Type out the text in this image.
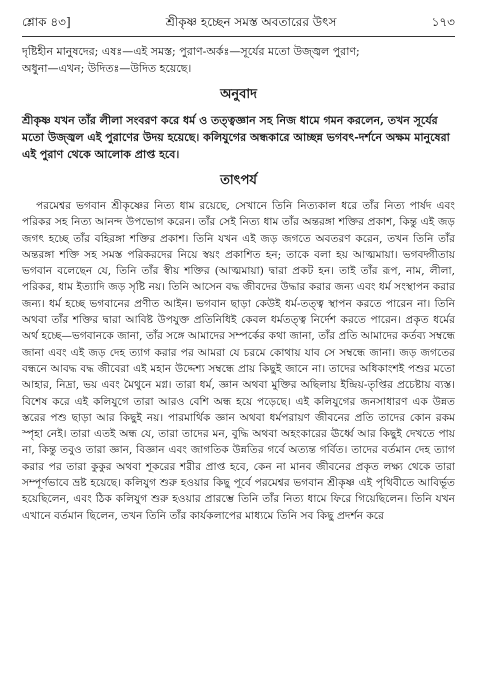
শ্লোক ৪৩]	শ্রীকৃষ্ণ হচ্ছেন সমস্ত অবতারের উৎস	১৭৩

দৃষ্টিহীন মানুষদের; এষঃ—এই সমস্ত; পুরাণ-অর্কঃ—সূর্যের মতো উজ্জ্বল পুরাণ;

অধুনা—এখন; উদিতঃ—উদিত হয়েছে।

অনুবাদ

শ্রীকৃষ্ণ যখন তাঁর লীলা সংবরণ করে ধর্ম ও তত্ত্বজ্ঞান সহ নিজ ধামে গমন করলেন, তখন সূর্যের মতো উজ্জ্বল এই পুরাণের উদয় হয়েছে। কলিযুগের অন্ধকারে আচ্ছন্ন ভগবৎ-দর্শনে অক্ষম মানুষেরা এই পুরাণ থেকে আলোক প্রাপ্ত হবে।

তাৎপর্য

পরমেশ্বর ভগবান শ্রীকৃষ্ণের নিত্য ধাম রয়েছে, সেখানে তিনি নিত্যকাল ধরে তাঁর নিত্য পার্ষদ এবং পরিকর সহ নিত্য আনন্দ উপভোগ করেন। তাঁর সেই নিত্য ধাম তাঁর অন্তরঙ্গা শক্তির প্রকাশ, কিন্তু এই জড় জগৎ হচ্ছে তাঁর বহিরঙ্গা শক্তির প্রকাশ। তিনি যখন এই জড় জগতে অবতরণ করেন, তখন তিনি তাঁর অন্তরঙ্গা শক্তি সহ সমস্ত পরিকরদের নিয়ে স্বয়ং প্রকাশিত হন; তাকে বলা হয় আত্মমায়া। ভগবদ্গীতায় ভগবান বলেছেন যে, তিনি তাঁর স্বীয় শক্তির (আত্মমায়া) দ্বারা প্রকট হন। তাই তাঁর রূপ, নাম, লীলা, পরিকর, ধাম ইত্যাদি জড় সৃষ্টি নয়। তিনি আসেন বদ্ধ জীবদের উদ্ধার করার জন্য এবং ধর্ম সংস্থাপন করার জন্য। ধর্ম হচ্ছে ভগবানের প্রণীত আইন। ভগবান ছাড়া কেউই ধর্ম-তত্ত্ব স্থাপন করতে পারেন না। তিনি অথবা তাঁর শক্তির দ্বারা আবিষ্ট উপযুক্ত প্রতিনিধিই কেবল ধর্মতত্ত্ব নির্দেশ করতে পারেন। প্রকৃত ধর্মের অর্থ হচ্ছে—ভগবানকে জানা, তাঁর সঙ্গে আমাদের সম্পর্কের কথা জানা, তাঁর প্রতি আমাদের কর্তব্য সম্বন্ধে জানা এবং এই জড় দেহ ত্যাগ করার পর আমরা যে চরমে কোথায় যাব সে সম্বন্ধে জানা। জড় জগতের বন্ধনে আবদ্ধ বদ্ধ জীবেরা এই মহান উদ্দেশ্য সম্বন্ধে প্রায় কিছুই জানে না। তাদের অধিকাংশই পশুর মতো আহার, নিদ্রা, ভয় এবং মৈথুনে মগ্ন। তারা ধর্ম, জ্ঞান অথবা মুক্তির অছিলায় ইন্দ্রিয়-তৃপ্তির প্রচেষ্টায় ব্যস্ত। বিশেষ করে এই কলিযুগে তারা আরও বেশি অন্ধ হয়ে পড়েছে। এই কলিযুগের জনসাধারণ এক উন্নত স্তরের পশু ছাড়া আর কিছুই নয়। পারমার্থিক জ্ঞান অথবা ধর্মপরায়ণ জীবনের প্রতি তাদের কোন রকম স্পৃহা নেই। তারা এতই অন্ধ যে, তারা তাদের মন, বুদ্ধি অথবা অহংকারের ঊর্ধ্বে আর কিছুই দেখতে পায় না, কিন্তু তবুও তারা জ্ঞান, বিজ্ঞান এবং জাগতিক উন্নতির গর্বে অত্যন্ত গর্বিত। তাদের বর্তমান দেহ ত্যাগ করার পর তারা কুকুর অথবা শূকরের শরীর প্রাপ্ত হবে, কেন না মানব জীবনের প্রকৃত লক্ষ্য থেকে তারা সম্পূর্ণভাবে ভ্রষ্ট হয়েছে। কলিযুগ শুরু হওয়ার কিছু পূর্বে পরমেশ্বর ভগবান শ্রীকৃষ্ণ এই পৃথিবীতে আবির্ভূত হয়েছিলেন, এবং ঠিক কলিযুগ শুরু হওয়ার প্রারম্ভে তিনি তাঁর নিত্য ধামে ফিরে গিয়েছিলেন। তিনি যখন এখানে বর্তমান ছিলেন, তখন তিনি তাঁর কার্যকলাপের মাধ্যমে তিনি সব কিছু প্রদর্শন করে
